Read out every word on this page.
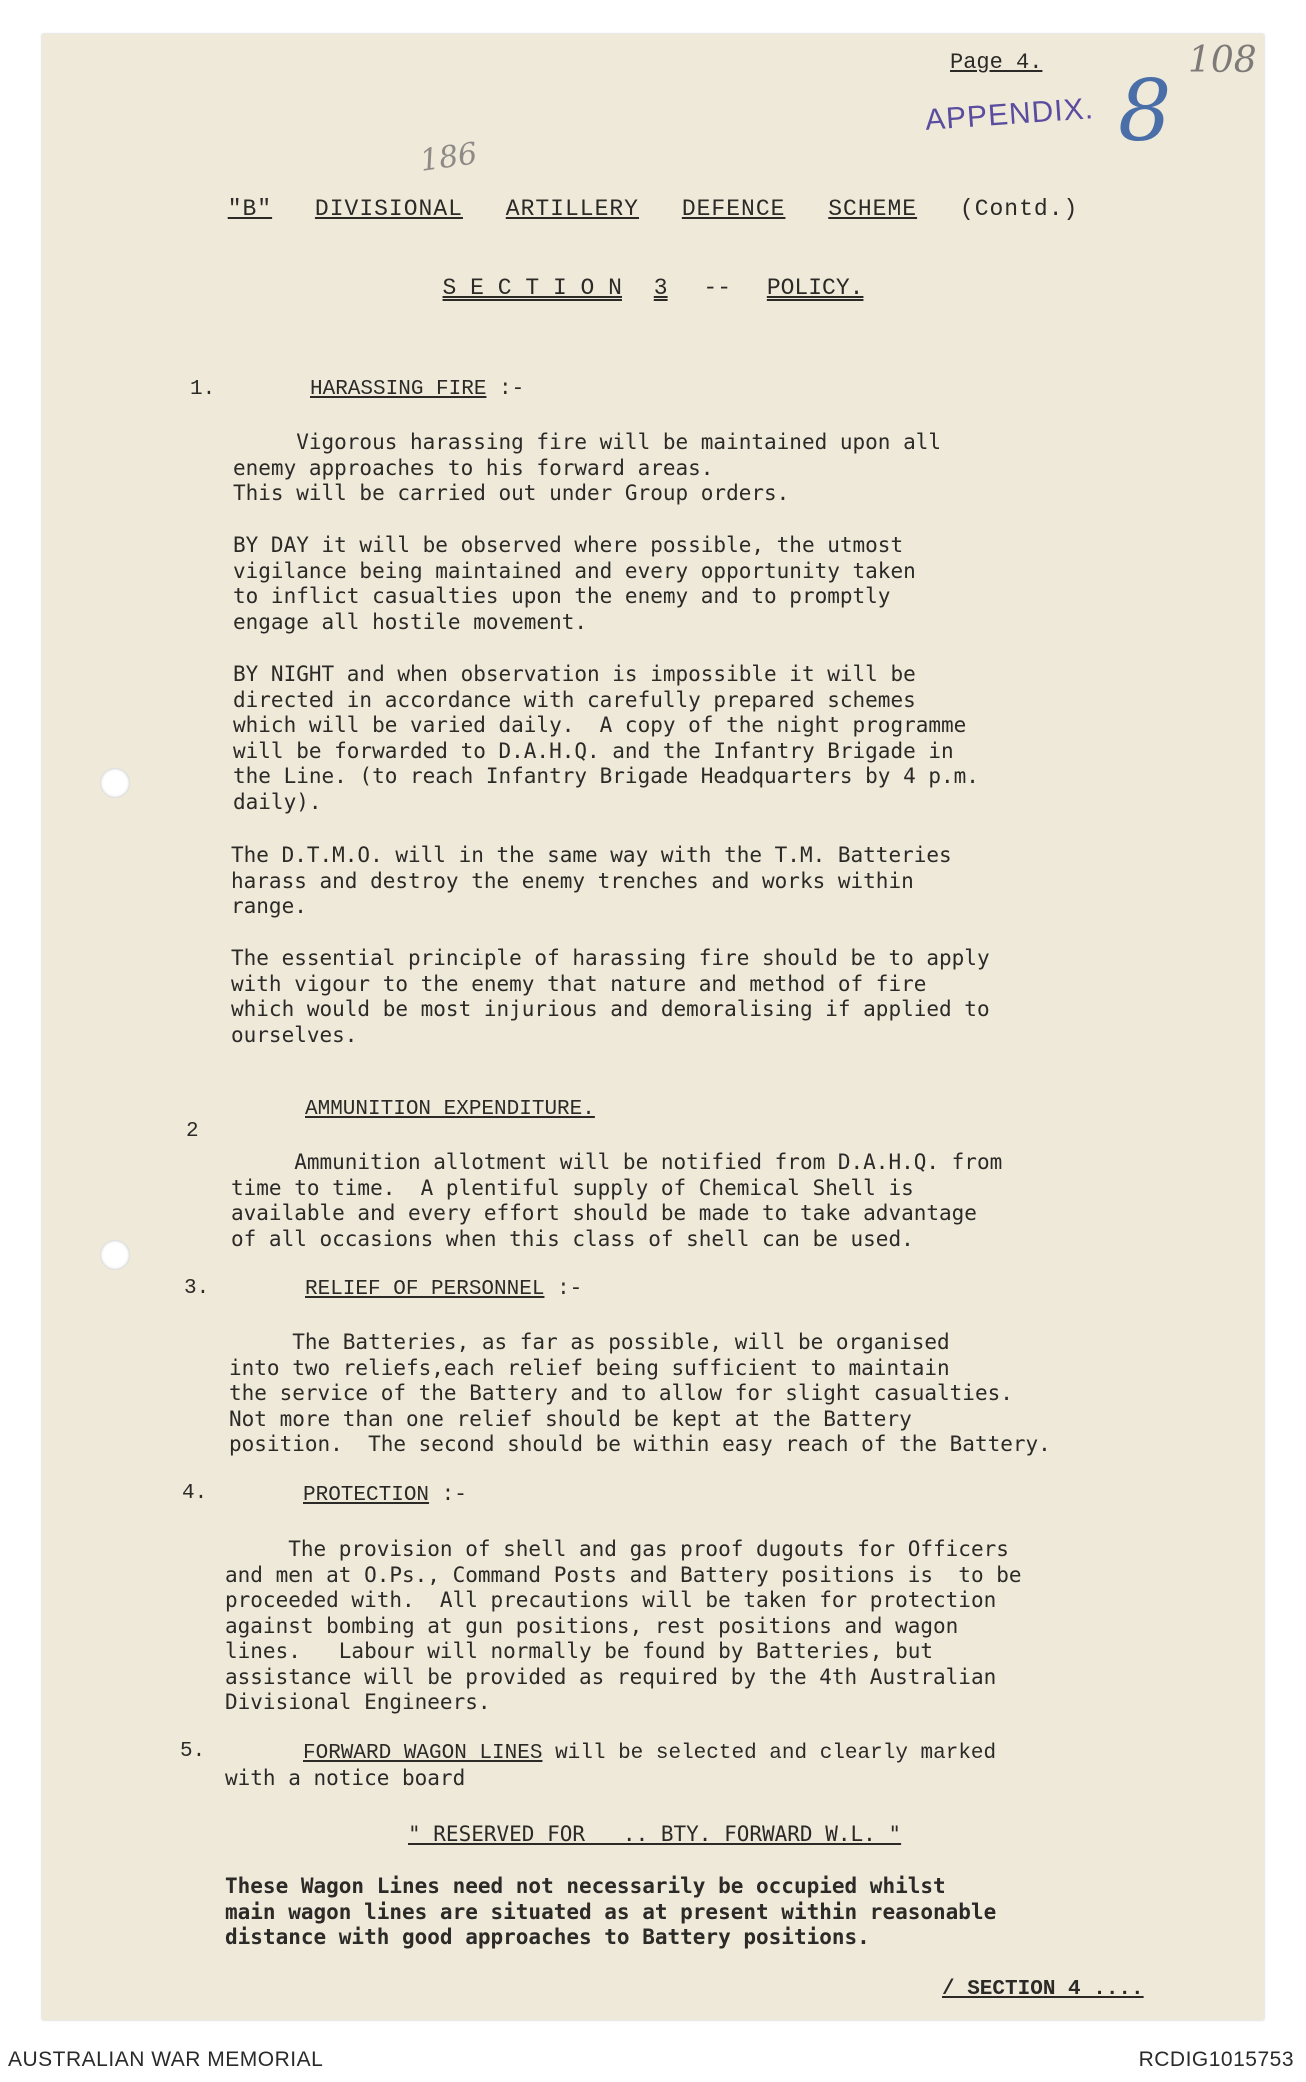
Page 4.
APPENDIX. 8
108
186
"B" DIVISIONAL ARTILLERY DEFENCE SCHEME (Contd.)
S E C T I O N 3 -- POLICY.
1.	HARASSING FIRE :-
Vigorous harassing fire will be maintained upon all
enemy approaches to his forward areas.
This will be carried out under Group orders.
BY DAY it will be observed where possible, the utmost
vigilance being maintained and every opportunity taken
to inflict casualties upon the enemy and to promptly
engage all hostile movement.
BY NIGHT and when observation is impossible it will be
directed in accordance with carefully prepared schemes
which will be varied daily.  A copy of the night programme
will be forwarded to D.A.H.Q. and the Infantry Brigade in
the Line. (to reach Infantry Brigade Headquarters by 4 p.m.
daily).
The D.T.M.O. will in the same way with the T.M. Batteries
harass and destroy the enemy trenches and works within
range.
The essential principle of harassing fire should be to apply
with vigour to the enemy that nature and method of fire
which would be most injurious and demoralising if applied to
ourselves.
2
AMMUNITION EXPENDITURE.
Ammunition allotment will be notified from D.A.H.Q. from
time to time.  A plentiful supply of Chemical Shell is
available and every effort should be made to take advantage
of all occasions when this class of shell can be used.
3.	RELIEF OF PERSONNEL :-
The Batteries, as far as possible, will be organised
into two reliefs,each relief being sufficient to maintain
the service of the Battery and to allow for slight casualties.
Not more than one relief should be kept at the Battery
position.  The second should be within easy reach of the Battery.
4.	PROTECTION :-
The provision of shell and gas proof dugouts for Officers
and men at O.Ps., Command Posts and Battery positions is  to be
proceeded with.  All precautions will be taken for protection
against bombing at gun positions, rest positions and wagon
lines.   Labour will normally be found by Batteries, but
assistance will be provided as required by the 4th Australian
Divisional Engineers.
5.	FORWARD WAGON LINES will be selected and clearly marked
with a notice board
" RESERVED FOR   .. BTY. FORWARD W.L. "
These Wagon Lines need not necessarily be occupied whilst
main wagon lines are situated as at present within reasonable
distance with good approaches to Battery positions.
/ SECTION 4 ....
AUSTRALIAN WAR MEMORIAL	RCDIG1015753
